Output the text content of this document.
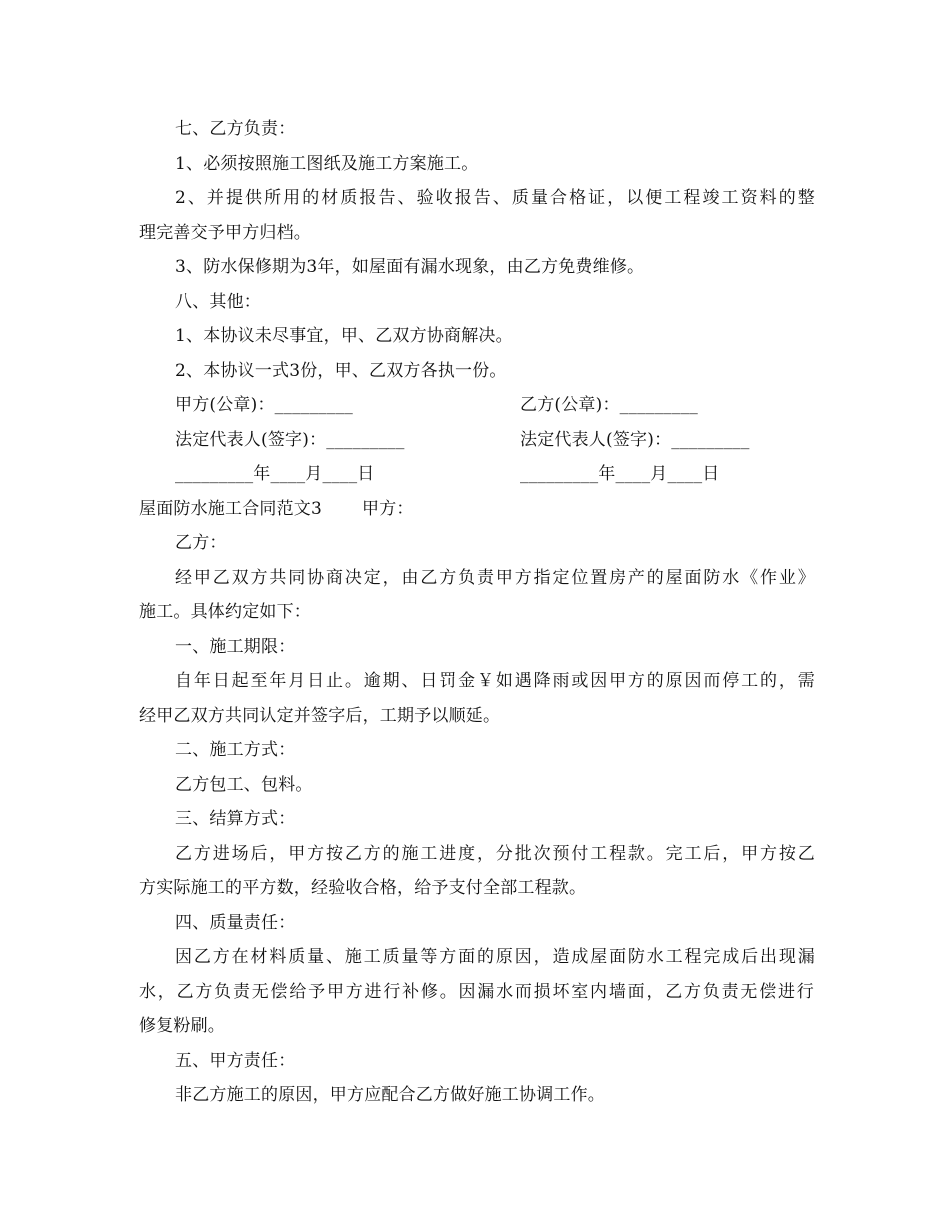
七、乙方负责：
1、必须按照施工图纸及施工方案施工。
2、并提供所用的材质报告、验收报告、质量合格证，以便工程竣工资料的整
理完善交予甲方归档。
3、防水保修期为3年，如屋面有漏水现象，由乙方免费维修。
八、其他：
1、本协议未尽事宜，甲、乙双方协商解决。
2、本协议一式3份，甲、乙双方各执一份。
甲方(公章)：_________	乙方(公章)：_________
法定代表人(签字)：_________	法定代表人(签字)：_________
_________年____月____日	_________年____月____日
屋面防水施工合同范文3 甲方：
乙方：
经甲乙双方共同协商决定，由乙方负责甲方指定位置房产的屋面防水《作业》
施工。具体约定如下：
一、施工期限：
自年日起至年月日止。逾期、日罚金￥如遇降雨或因甲方的原因而停工的，需
经甲乙双方共同认定并签字后，工期予以顺延。
二、施工方式：
乙方包工、包料。
三、结算方式：
乙方进场后，甲方按乙方的施工进度，分批次预付工程款。完工后，甲方按乙
方实际施工的平方数，经验收合格，给予支付全部工程款。
四、质量责任：
因乙方在材料质量、施工质量等方面的原因，造成屋面防水工程完成后出现漏
水，乙方负责无偿给予甲方进行补修。因漏水而损坏室内墙面，乙方负责无偿进行
修复粉刷。
五、甲方责任：
非乙方施工的原因，甲方应配合乙方做好施工协调工作。
